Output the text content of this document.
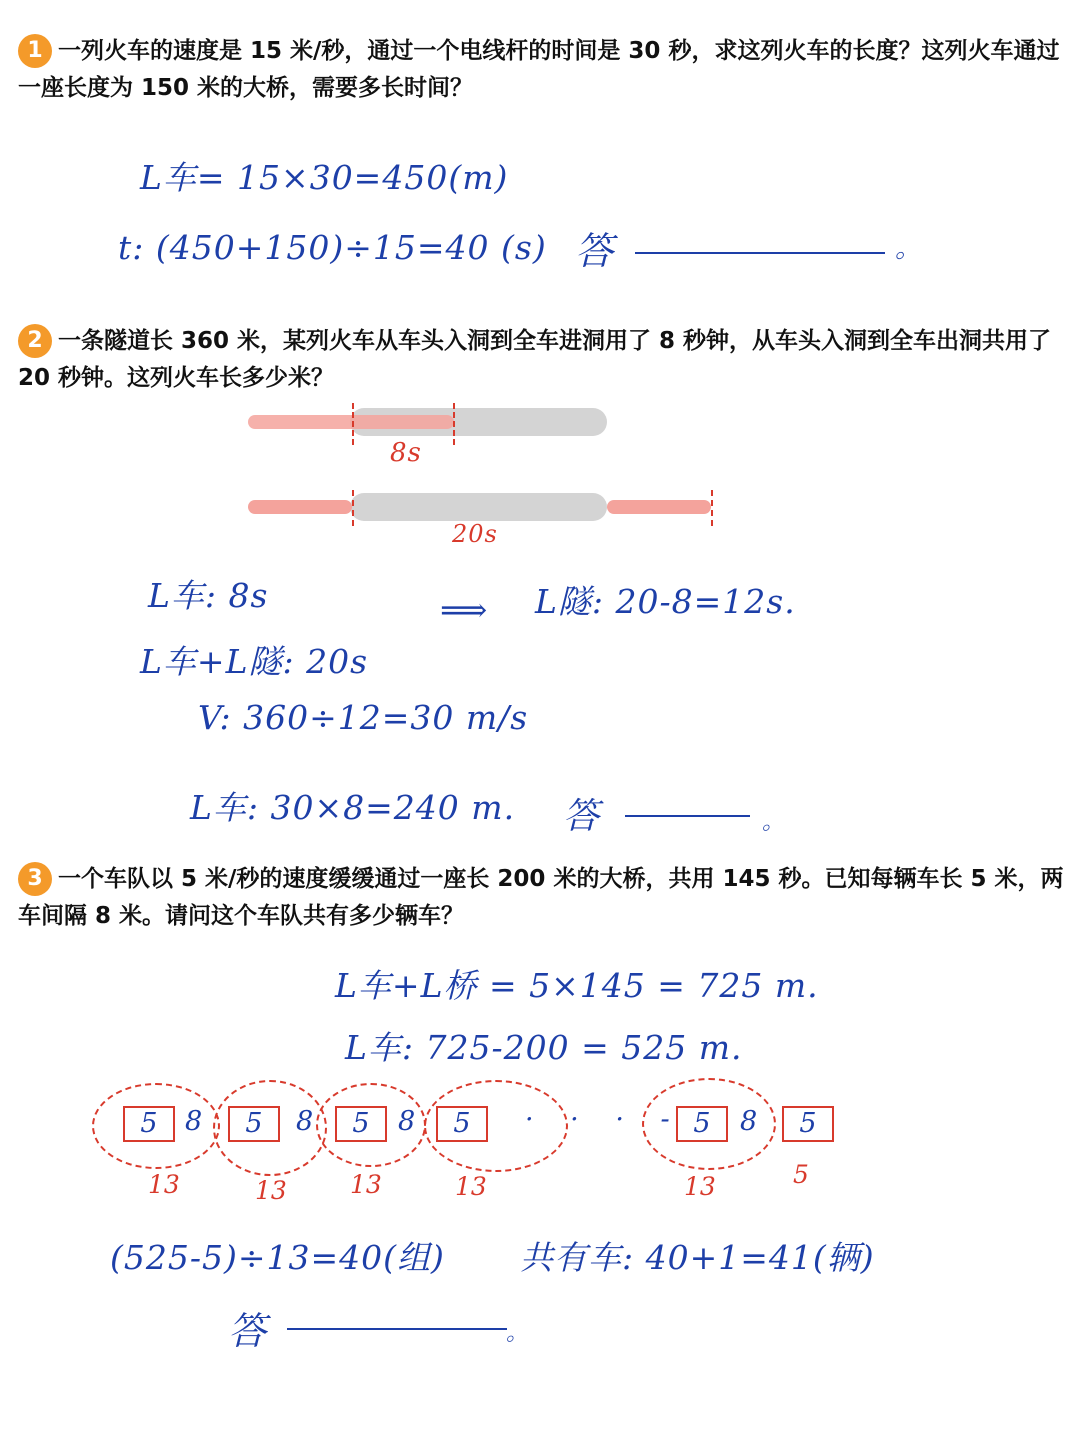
1 一列火车的速度是 15 米/秒，通过一个电线杆的时间是 30 秒，求这列火车的长度？这列火车通过一座长度为 150 米的大桥，需要多长时间？
L车= 15×30=450(m)
t: (450+150)÷15=40 (s) 答	。
2 一条隧道长 360 米，某列火车从车头入洞到全车进洞用了 8 秒钟，从车头入洞到全车出洞共用了 20 秒钟。这列火车长多少米？
8s
20s
L车: 8s	⟹ L隧: 20-8=12s.
L车+L隧: 20s
V: 360÷12=30 m/s
L车: 30×8=240 m. 答	。
3 一个车队以 5 米/秒的速度缓缓通过一座长 200 米的大桥，共用 145 秒。已知每辆车长 5 米，两车间隔 8 米。请问这个车队共有多少辆车？
L车+L桥 = 5×145 = 725 m.
L车: 725-200 = 525 m.
5	8	5	8	5	8	5	· · · - 5	8	5
13	13	13	13	13	5
(525-5)÷13=40(组) 共有车: 40+1=41(辆)
答	。
